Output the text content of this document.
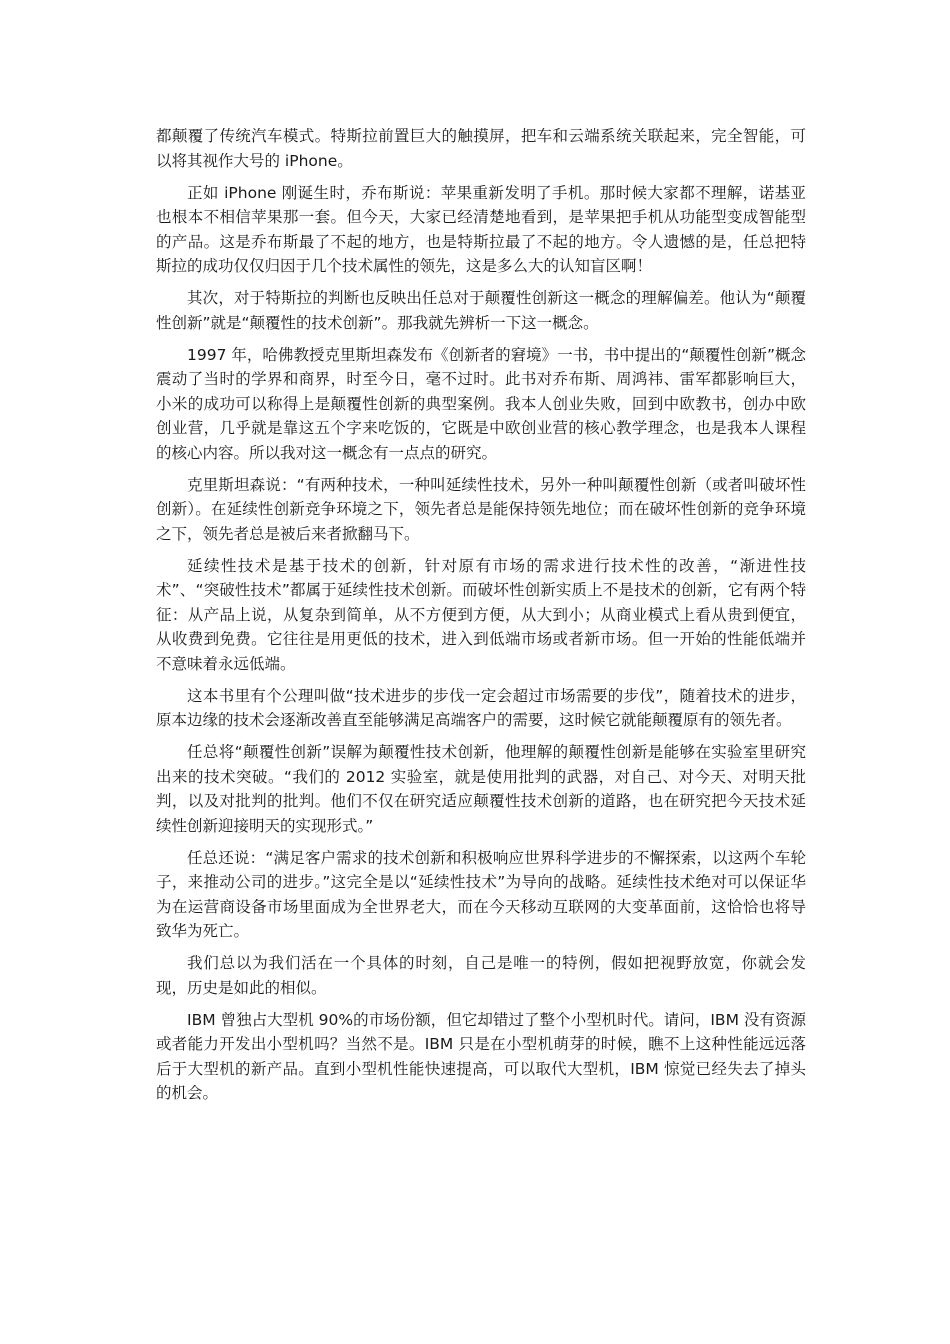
都颠覆了传统汽车模式。特斯拉前置巨大的触摸屏，把车和云端系统关联起来，完全智能，可以将其视作大号的 iPhone。

正如 iPhone 刚诞生时，乔布斯说：苹果重新发明了手机。那时候大家都不理解，诺基亚也根本不相信苹果那一套。但今天，大家已经清楚地看到，是苹果把手机从功能型变成智能型的产品。这是乔布斯最了不起的地方，也是特斯拉最了不起的地方。令人遗憾的是，任总把特斯拉的成功仅仅归因于几个技术属性的领先，这是多么大的认知盲区啊！

其次，对于特斯拉的判断也反映出任总对于颠覆性创新这一概念的理解偏差。他认为“颠覆性创新”就是“颠覆性的技术创新”。那我就先辨析一下这一概念。

1997 年，哈佛教授克里斯坦森发布《创新者的窘境》一书，书中提出的“颠覆性创新”概念震动了当时的学界和商界，时至今日，毫不过时。此书对乔布斯、周鸿祎、雷军都影响巨大，小米的成功可以称得上是颠覆性创新的典型案例。我本人创业失败，回到中欧教书，创办中欧创业营，几乎就是靠这五个字来吃饭的，它既是中欧创业营的核心教学理念，也是我本人课程的核心内容。所以我对这一概念有一点点的研究。

克里斯坦森说：“有两种技术，一种叫延续性技术，另外一种叫颠覆性创新（或者叫破坏性创新）。在延续性创新竞争环境之下，领先者总是能保持领先地位；而在破坏性创新的竞争环境之下，领先者总是被后来者掀翻马下。

延续性技术是基于技术的创新，针对原有市场的需求进行技术性的改善，“渐进性技术”、“突破性技术”都属于延续性技术创新。而破坏性创新实质上不是技术的创新，它有两个特征：从产品上说，从复杂到简单，从不方便到方便，从大到小；从商业模式上看从贵到便宜，从收费到免费。它往往是用更低的技术，进入到低端市场或者新市场。但一开始的性能低端并不意味着永远低端。

这本书里有个公理叫做“技术进步的步伐一定会超过市场需要的步伐”，随着技术的进步，原本边缘的技术会逐渐改善直至能够满足高端客户的需要，这时候它就能颠覆原有的领先者。

任总将“颠覆性创新”误解为颠覆性技术创新，他理解的颠覆性创新是能够在实验室里研究出来的技术突破。“我们的 2012 实验室，就是使用批判的武器，对自己、对今天、对明天批判，以及对批判的批判。他们不仅在研究适应颠覆性技术创新的道路，也在研究把今天技术延续性创新迎接明天的实现形式。”

任总还说：“满足客户需求的技术创新和积极响应世界科学进步的不懈探索，以这两个车轮子，来推动公司的进步。”这完全是以“延续性技术”为导向的战略。延续性技术绝对可以保证华为在运营商设备市场里面成为全世界老大，而在今天移动互联网的大变革面前，这恰恰也将导致华为死亡。

我们总以为我们活在一个具体的时刻，自己是唯一的特例，假如把视野放宽，你就会发现，历史是如此的相似。

IBM 曾独占大型机 90%的市场份额，但它却错过了整个小型机时代。请问，IBM 没有资源或者能力开发出小型机吗？当然不是。IBM 只是在小型机萌芽的时候，瞧不上这种性能远远落后于大型机的新产品。直到小型机性能快速提高，可以取代大型机，IBM 惊觉已经失去了掉头的机会。
